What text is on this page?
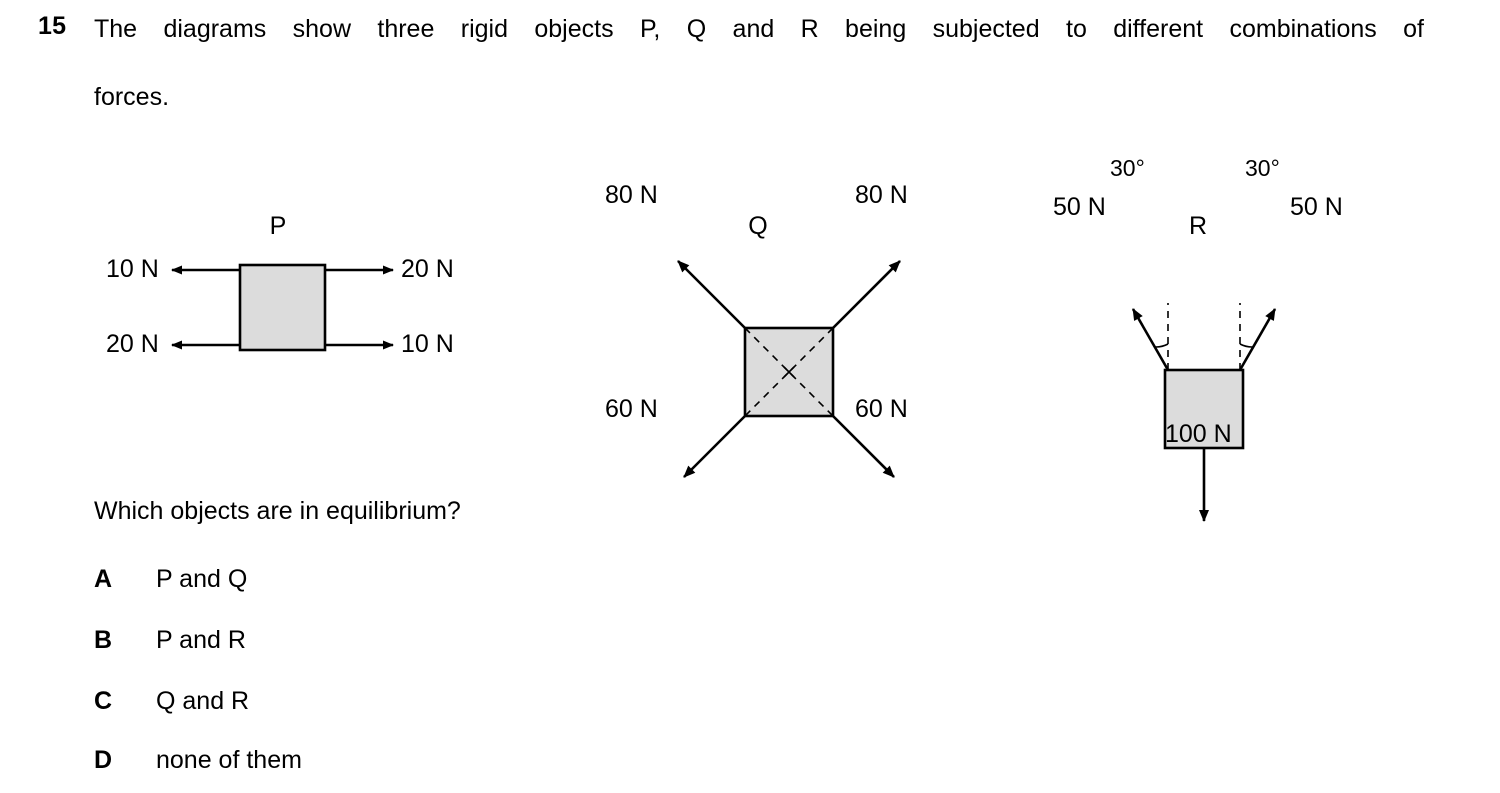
15 The diagrams show three rigid objects P, Q and R being subjected to different combinations of
forces.
P
10 N	20 N
20 N	10 N
Q
80 N	80 N
60 N	60 N
R
30°	30°
50 N	50 N
100 N
Which objects are in equilibrium?
A P and Q
B P and R
C Q and R
D none of them
